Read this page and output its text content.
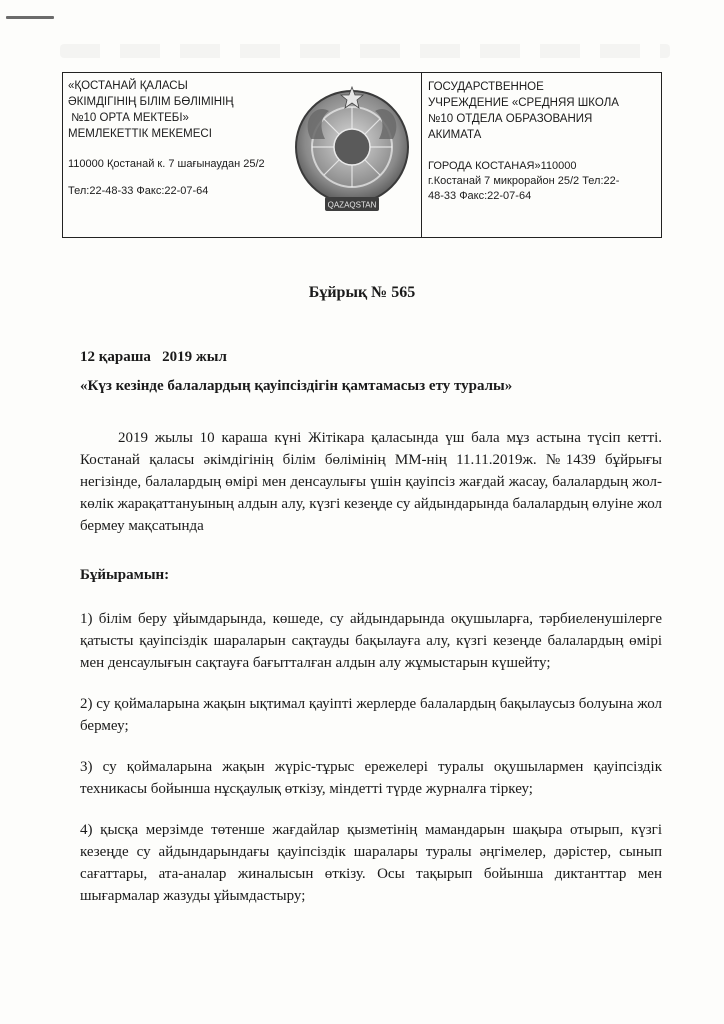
«ҚОСТАНАЙ ҚАЛАСЫ
ӘКІМДІГІНІҢ БІЛІМ БӨЛІМІНІҢ
№10 ОРТА МЕКТЕБІ»
МЕМЛЕКЕТТІК МЕКЕМЕСІ
110000 Қостанай к. 7 шағынаудан 25/2
Тел:22-48-33 Факс:22-07-64
QAZAQSTAN
ГОСУДАРСТВЕННОЕ
УЧРЕЖДЕНИЕ «СРЕДНЯЯ ШКОЛА
№10 ОТДЕЛА ОБРАЗОВАНИЯ
АКИМАТА
ГОРОДА КОСТАНАЯ»110000
г.Костанай 7 микрорайон 25/2 Тел:22-
48-33 Факс:22-07-64
Бұйрық № 565
12 қараша   2019 жыл
«Күз кезінде балалардың қауіпсіздігін қамтамасыз ету туралы»

2019 жылы 10 караша күні Жітікара қаласында үш бала мұз астына түсіп кетті. Костанай қаласы әкімдігінің білім бөлімінің ММ-нің 11.11.2019ж. №1439 бұйрығы негізінде, балалардың өмірі мен денсаулығы үшін қауіпсіз жағдай жасау, балалардың жол-көлік жарақаттануының алдын алу, күзгі кезеңде су айдындарында балалардың өлуіне жол бермеу мақсатында

Бұйырамын:

1) білім беру ұйымдарында, көшеде, су айдындарында оқушыларға, тәрбиеленушілерге қатысты қауіпсіздік шараларын сақтауды бақылауға алу, күзгі кезеңде балалардың өмірі мен денсаулығын сақтауға бағытталған алдын алу жұмыстарын күшейту;

2) су қоймаларына жақын ықтимал қауіпті жерлерде балалардың бақылаусыз болуына жол бермеу;

3) су қоймаларына жақын жүріс-тұрыс ережелері туралы оқушылармен қауіпсіздік техникасы бойынша нұсқаулық өткізу, міндетті түрде журналға тіркеу;

4) қысқа мерзімде төтенше жағдайлар қызметінің мамандарын шақыра отырып, күзгі кезеңде су айдындарындағы қауіпсіздік шаралары туралы әңгімелер, дәрістер, сынып сағаттары, ата-аналар жиналысын өткізу. Осы тақырып бойынша диктанттар мен шығармалар жазуды ұйымдастыру;
